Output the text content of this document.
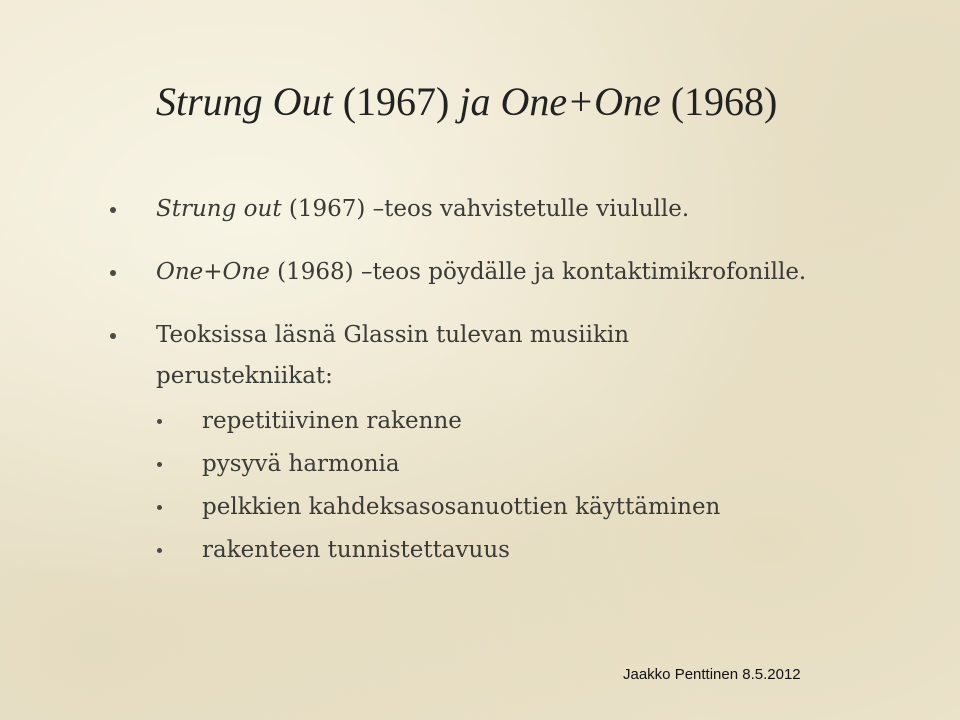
Strung Out (1967) ja One+One (1968)
Strung out (1967) –teos vahvistetulle viululle.
One+One (1968) –teos pöydälle ja kontaktimikrofonille.
Teoksissa läsnä Glassin tulevan musiikin
perustekniikat:
repetitiivinen rakenne
pysyvä harmonia
pelkkien kahdeksasosanuottien käyttäminen
rakenteen tunnistettavuus
Jaakko Penttinen 8.5.2012
